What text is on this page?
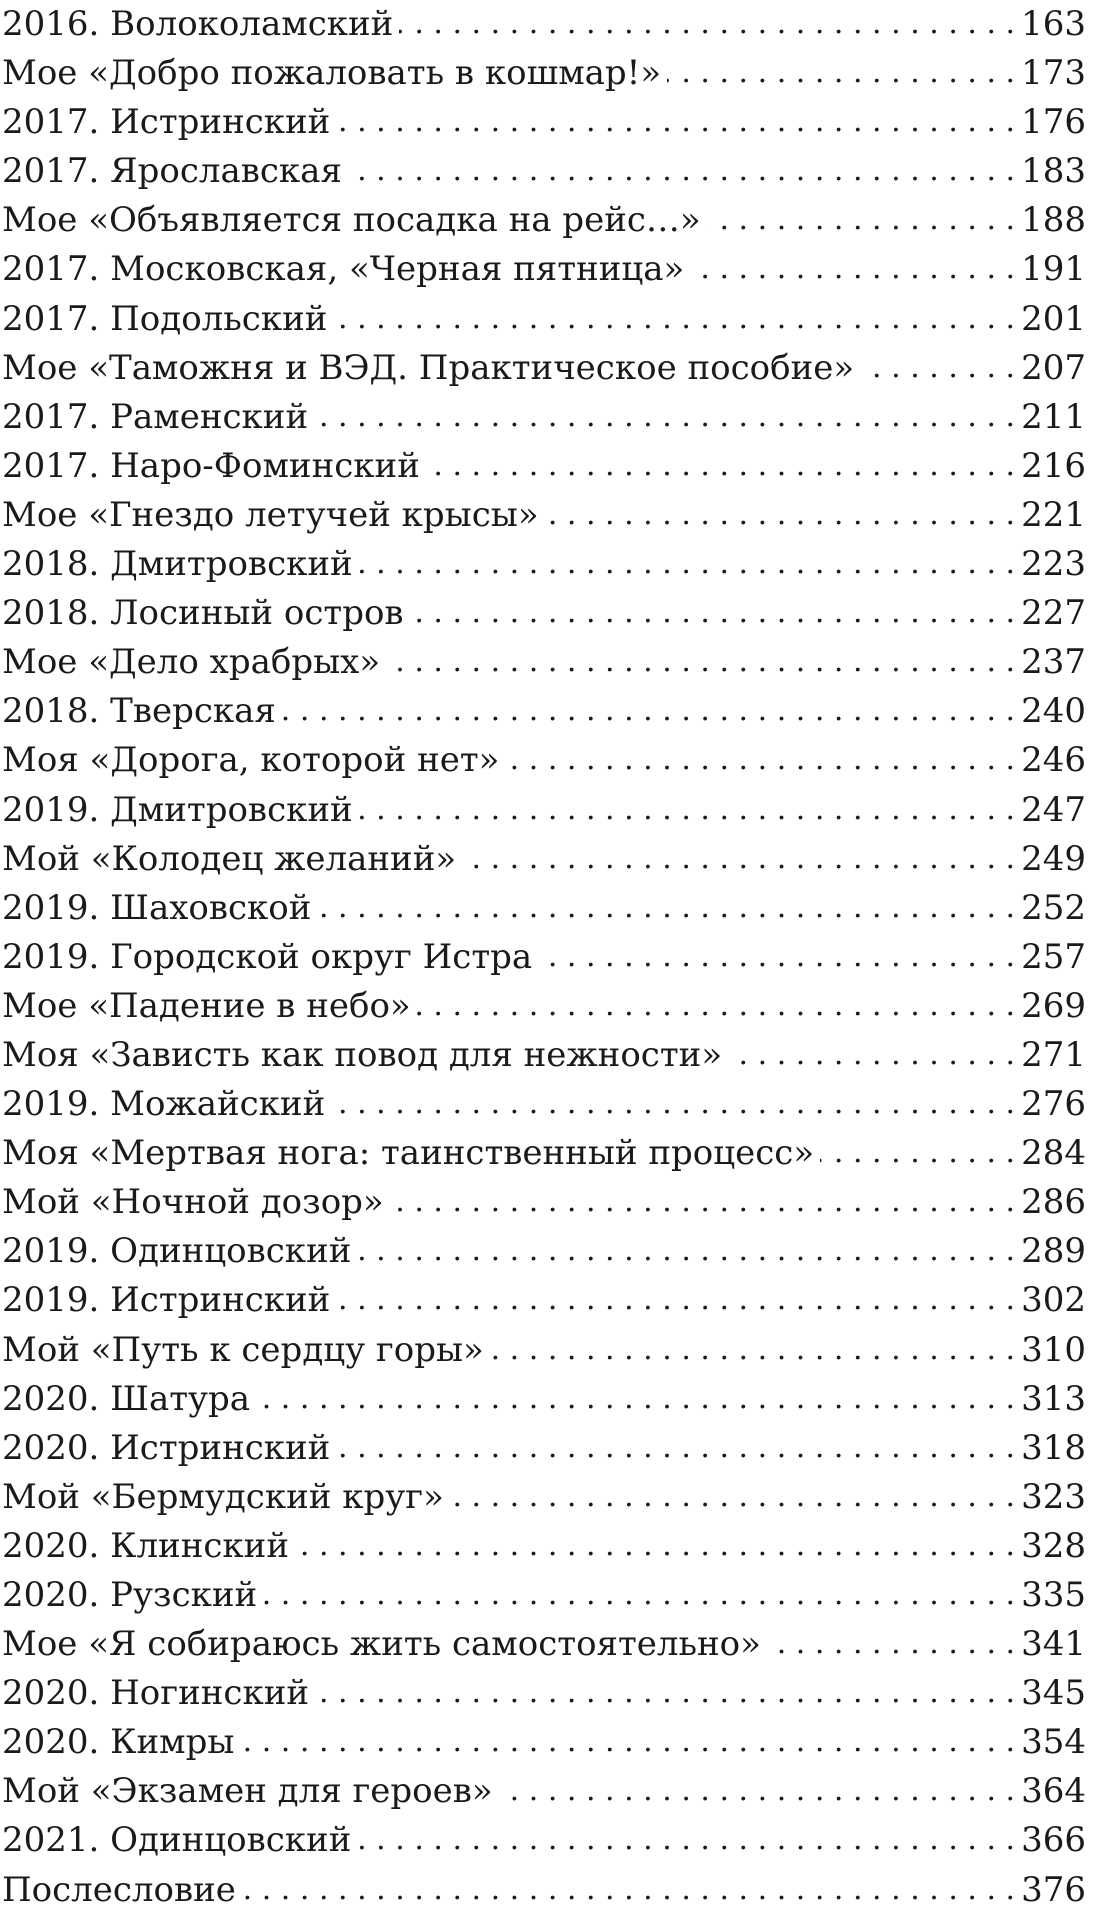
2016. Волоколамский . . .	163
Мое «Добро пожаловать в кошмар!» . . .	173
2017. Истринский . . .	176
2017. Ярославская . . .	183
Мое «Объявляется посадка на рейс…» . . .	188
2017. Московская, «Черная пятница» . . .	191
2017. Подольский . . .	201
Мое «Таможня и ВЭД. Практическое пособие» . . .	207
2017. Раменский . . .	211
2017. Наро-Фоминский . . .	216
Мое «Гнездо летучей крысы» . . .	221
2018. Дмитровский . . .	223
2018. Лосиный остров . . .	227
Мое «Дело храбрых» . . .	237
2018. Тверская . . .	240
Моя «Дорога, которой нет» . . .	246
2019. Дмитровский . . .	247
Мой «Колодец желаний» . . .	249
2019. Шаховской . . .	252
2019. Городской округ Истра . . .	257
Мое «Падение в небо» . . .	269
Моя «Зависть как повод для нежности» . . .	271
2019. Можайский . . .	276
Моя «Мертвая нога: таинственный процесс» . . .	284
Мой «Ночной дозор» . . .	286
2019. Одинцовский . . .	289
2019. Истринский . . .	302
Мой «Путь к сердцу горы» . . .	310
2020. Шатура . . .	313
2020. Истринский . . .	318
Мой «Бермудский круг» . . .	323
2020. Клинский . . .	328
2020. Рузский . . .	335
Мое «Я собираюсь жить самостоятельно» . . .	341
2020. Ногинский . . .	345
2020. Кимры . . .	354
Мой «Экзамен для героев» . . .	364
2021. Одинцовский . . .	366
Послесловие . . .	376
